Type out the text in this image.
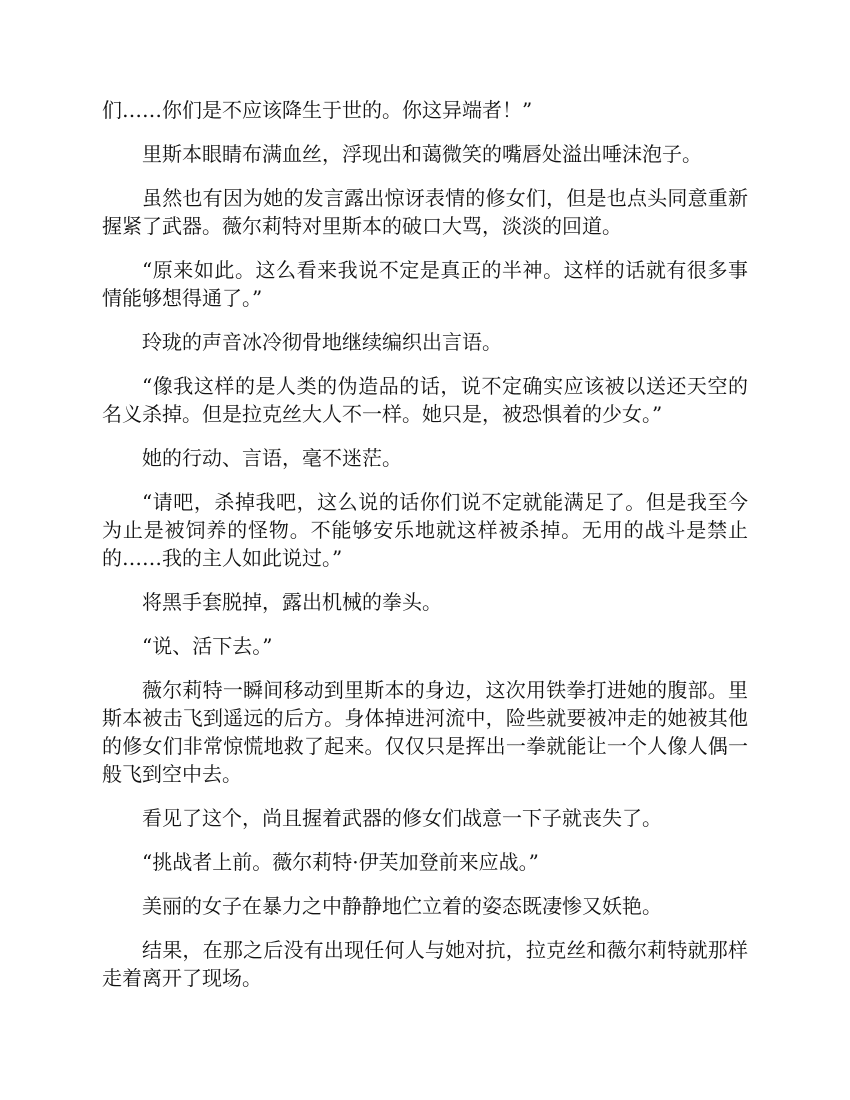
们……你们是不应该降生于世的。你这异端者！”

里斯本眼睛布满血丝，浮现出和蔼微笑的嘴唇处溢出唾沫泡子。

虽然也有因为她的发言露出惊讶表情的修女们，但是也点头同意重新握紧了武器。薇尔莉特对里斯本的破口大骂，淡淡的回道。

“原来如此。这么看来我说不定是真正的半神。这样的话就有很多事情能够想得通了。”

玲珑的声音冰冷彻骨地继续编织出言语。

“像我这样的是人类的伪造品的话，说不定确实应该被以送还天空的名义杀掉。但是拉克丝大人不一样。她只是，被恐惧着的少女。”

她的行动、言语，毫不迷茫。

“请吧，杀掉我吧，这么说的话你们说不定就能满足了。但是我至今为止是被饲养的怪物。不能够安乐地就这样被杀掉。无用的战斗是禁止的……我的主人如此说过。”

将黑手套脱掉，露出机械的拳头。

“说、活下去。”

薇尔莉特一瞬间移动到里斯本的身边，这次用铁拳打进她的腹部。里斯本被击飞到遥远的后方。身体掉进河流中，险些就要被冲走的她被其他的修女们非常惊慌地救了起来。仅仅只是挥出一拳就能让一个人像人偶一般飞到空中去。

看见了这个，尚且握着武器的修女们战意一下子就丧失了。

“挑战者上前。薇尔莉特·伊芙加登前来应战。”

美丽的女子在暴力之中静静地伫立着的姿态既凄惨又妖艳。

结果，在那之后没有出现任何人与她对抗，拉克丝和薇尔莉特就那样走着离开了现场。
